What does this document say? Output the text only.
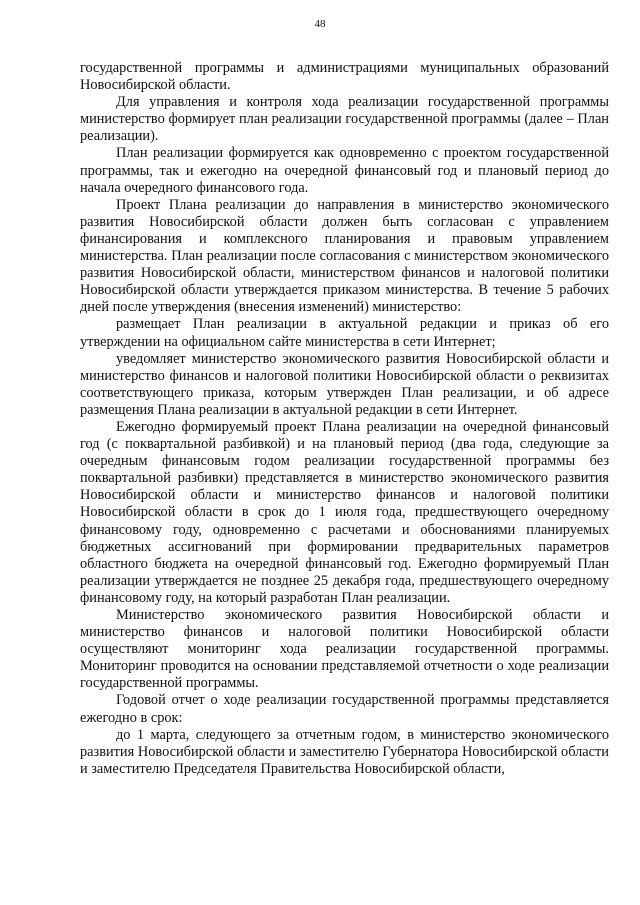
48

государственной программы и администрациями муниципальных образований Новосибирской области.

Для управления и контроля хода реализации государственной программы министерство формирует план реализации государственной программы (далее – План реализации).

План реализации формируется как одновременно с проектом государственной программы, так и ежегодно на очередной финансовый год и плановый период до начала очередного финансового года.

Проект Плана реализации до направления в министерство экономического развития Новосибирской области должен быть согласован с управлением финансирования и комплексного планирования и правовым управлением министерства. План реализации после согласования с министерством экономического развития Новосибирской области, министерством финансов и налоговой политики Новосибирской области утверждается приказом министерства. В течение 5 рабочих дней после утверждения (внесения изменений) министерство:

размещает План реализации в актуальной редакции и приказ об его утверждении на официальном сайте министерства в сети Интернет;

уведомляет министерство экономического развития Новосибирской области и министерство финансов и налоговой политики Новосибирской области о реквизитах соответствующего приказа, которым утвержден План реализации, и об адресе размещения Плана реализации в актуальной редакции в сети Интернет.

Ежегодно формируемый проект Плана реализации на очередной финансовый год (с поквартальной разбивкой) и на плановый период (два года, следующие за очередным финансовым годом реализации государственной программы без поквартальной разбивки) представляется в министерство экономического развития Новосибирской области и министерство финансов и налоговой политики Новосибирской области в срок до 1 июля года, предшествующего очередному финансовому году, одновременно с расчетами и обоснованиями планируемых бюджетных ассигнований при формировании предварительных параметров областного бюджета на очередной финансовый год. Ежегодно формируемый План реализации утверждается не позднее 25 декабря года, предшествующего очередному финансовому году, на который разработан План реализации.

Министерство экономического развития Новосибирской области и министерство финансов и налоговой политики Новосибирской области осуществляют мониторинг хода реализации государственной программы. Мониторинг проводится на основании представляемой отчетности о ходе реализации государственной программы.

Годовой отчет о ходе реализации государственной программы представляется ежегодно в срок:

до 1 марта, следующего за отчетным годом, в министерство экономического развития Новосибирской области и заместителю Губернатора Новосибирской области и заместителю Председателя Правительства Новосибирской области,
